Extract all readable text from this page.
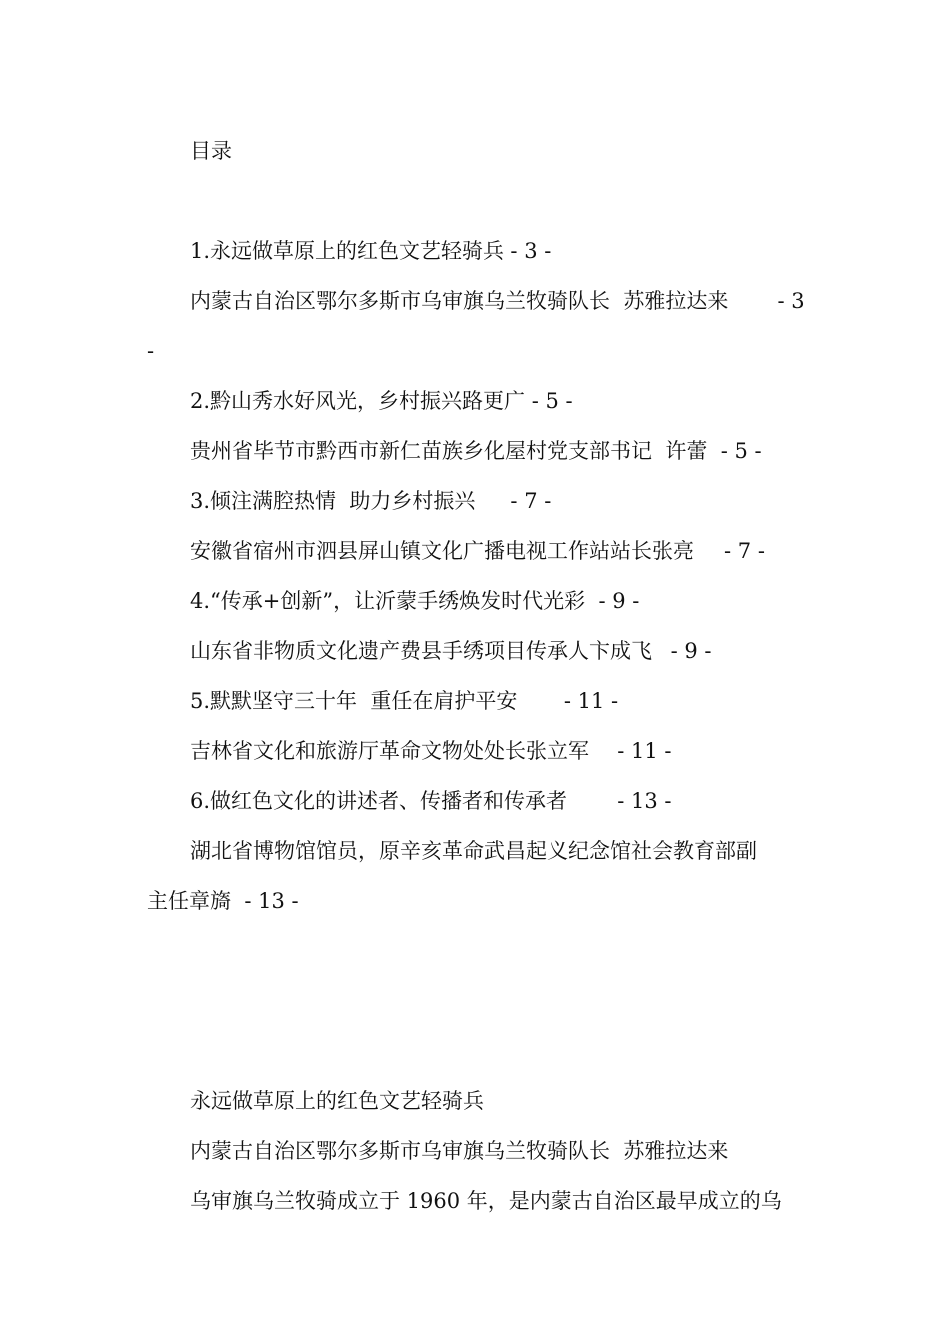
目录
1.永远做草原上的红色文艺轻骑兵	- 3 -
内蒙古自治区鄂尔多斯市乌审旗乌兰牧骑队长  苏雅拉达来	- 3
-
2.黔山秀水好风光，乡村振兴路更广 - 5 -
贵州省毕节市黔西市新仁苗族乡化屋村党支部书记  许蕾  - 5 -
3.倾注满腔热情  助力乡村振兴	- 7 -
安徽省宿州市泗县屏山镇文化广播电视工作站站长张亮	- 7 -
4.“传承+创新”，让沂蒙手绣焕发时代光彩  - 9 -
山东省非物质文化遗产费县手绣项目传承人卞成飞	- 9 -
5.默默坚守三十年  重任在肩护平安	- 11 -
吉林省文化和旅游厅革命文物处处长张立军	- 11 -
6.做红色文化的讲述者、传播者和传承者	- 13 -
湖北省博物馆馆员，原辛亥革命武昌起义纪念馆社会教育部副
主任章旖  - 13 -
永远做草原上的红色文艺轻骑兵
内蒙古自治区鄂尔多斯市乌审旗乌兰牧骑队长  苏雅拉达来
乌审旗乌兰牧骑成立于 1960 年，是内蒙古自治区最早成立的乌
